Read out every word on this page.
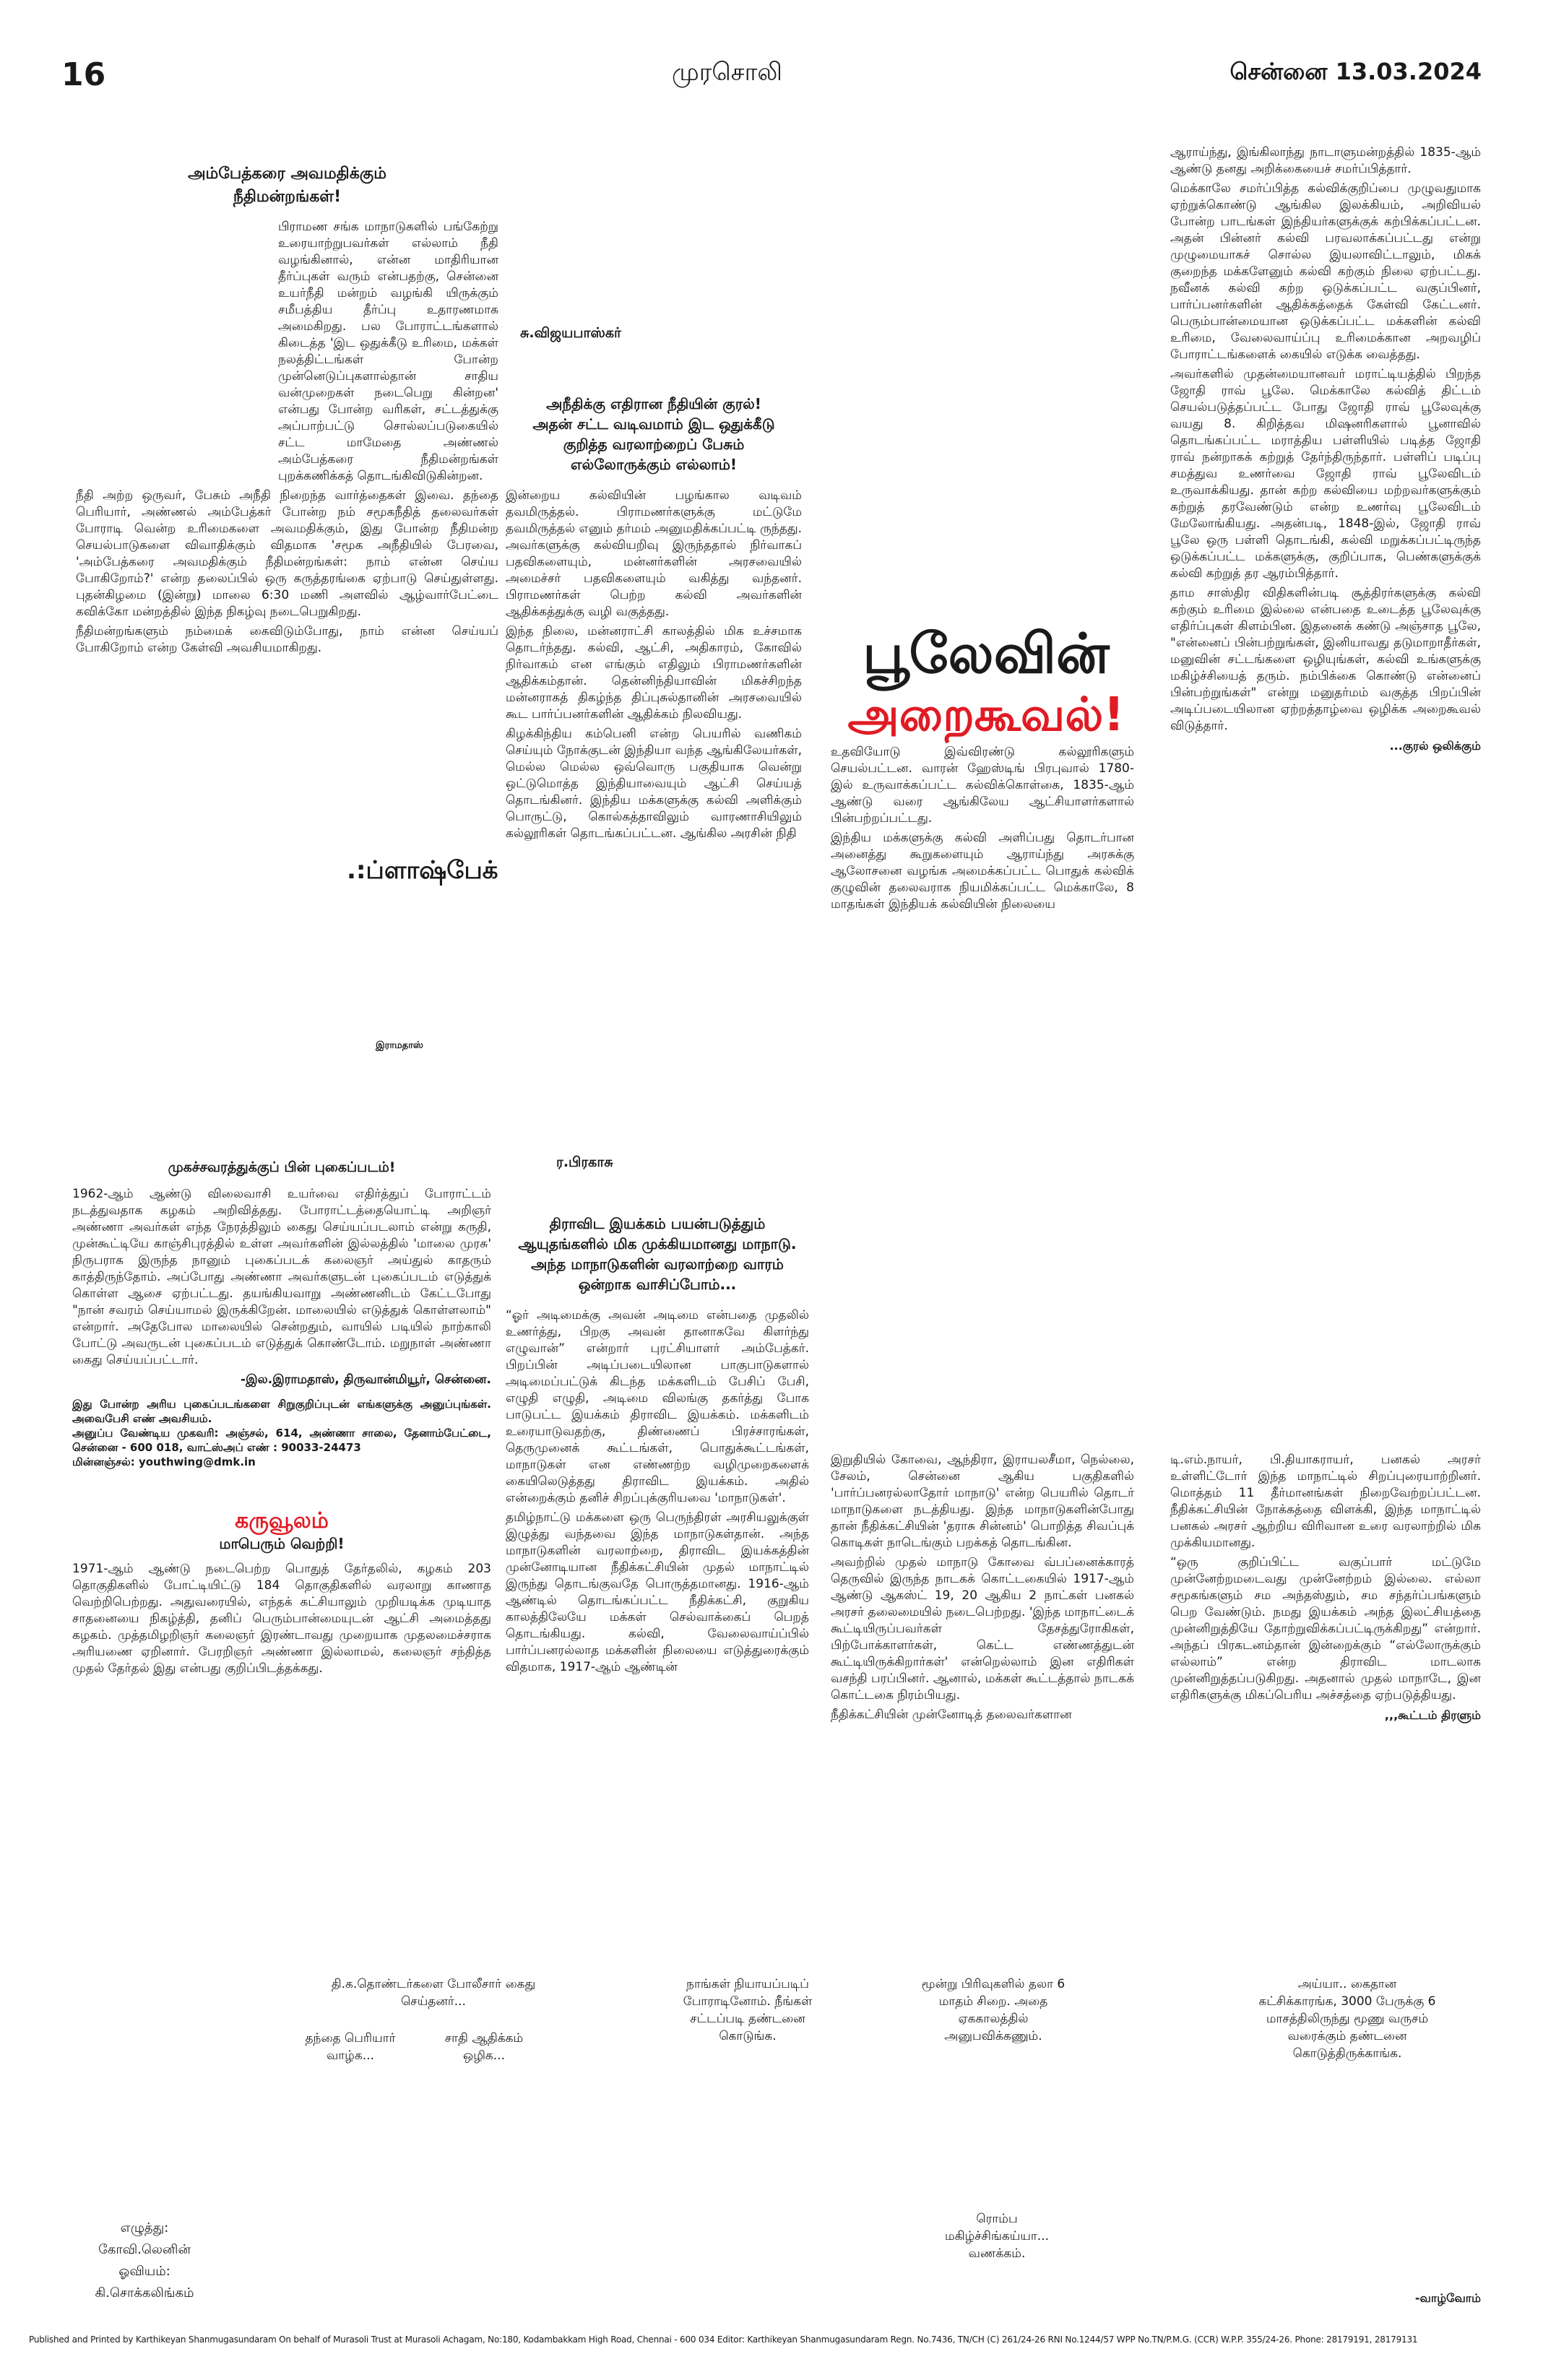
16	முரசொலி	சென்னை 13.03.2024
அம்பேத்கரை அவமதிக்கும்
நீதிமன்றங்கள்!

பிராமண சங்க மாநாடுகளில் பங்கேற்று உரையாற்றுபவர்கள் எல்லாம் நீதி வழங்கினால், என்ன மாதிரியான தீர்ப்புகள் வரும் என்பதற்கு, சென்னை உயர்நீதி மன்றம் வழங்கி யிருக்கும் சமீபத்திய தீர்ப்பு உதாரணமாக அமைகிறது. பல போராட்டங்களால் கிடைத்த 'இட ஒதுக்கீடு உரிமை, மக்கள் நலத்திட்டங்கள் போன்ற முன்னெடுப்புகளால்தான் சாதிய வன்முறைகள் நடைபெறு கின்றன' என்பது போன்ற வரிகள், சட்டத்துக்கு அப்பாற்பட்டு சொல்லப்படுகையில் சட்ட மாமேதை அண்ணல் அம்பேத்கரை நீதிமன்றங்கள் புறக்கணிக்கத் தொடங்கிவிடுகின்றன.

நீதி அற்ற ஒருவர், பேசும் அநீதி நிறைந்த வார்த்தைகள் இவை. தந்தை பெரியார், அண்ணல் அம்பேத்கர் போன்ற நம் சமூகநீதித் தலைவர்கள் போராடி வென்ற உரிமைகளை அவமதிக்கும், இது போன்ற நீதிமன்ற செயல்பாடுகளை விவாதிக்கும் விதமாக 'சமூக அநீதியில் பேரவை, 'அம்பேத்கரை அவமதிக்கும் நீதிமன்றங்கள்: நாம் என்ன செய்ய போகிறோம்?' என்ற தலைப்பில் ஒரு கருத்தரங்கை ஏற்பாடு செய்துள்ளது. புதன்கிழமை (இன்று) மாலை 6:30 மணி அளவில் ஆழ்வார்பேட்டை கவிக்கோ மன்றத்தில் இந்த நிகழ்வு நடைபெறுகிறது.

நீதிமன்றங்களும் நம்மைக் கைவிடும்போது, நாம் என்ன செய்யப் போகிறோம் என்ற கேள்வி அவசியமாகிறது.

.:ப்ளாஷ்பேக்
இராமதாஸ்
சு.விஜயபாஸ்கர்
அநீதிக்கு எதிரான நீதியின் குரல்!
அதன் சட்ட வடிவமாம் இட ஒதுக்கீடு
குறித்த வரலாற்றைப் பேசும்
எல்லோருக்கும் எல்லாம்!

இன்றைய கல்வியின் பழங்கால வடிவம் தவமிருத்தல். பிராமணர்களுக்கு மட்டுமே தவமிருத்தல் எனும் தர்மம் அனுமதிக்கப்பட்டி ருந்தது. அவர்களுக்கு கல்வியறிவு இருந்ததால் நிர்வாகப் பதவிகளையும், மன்னர்களின் அரசவையில் அமைச்சர் பதவிகளையும் வகித்து வந்தனர். பிராமணர்கள் பெற்ற கல்வி அவர்களின் ஆதிக்கத்துக்கு வழி வகுத்தது.

இந்த நிலை, மன்னராட்சி காலத்தில் மிக உச்சமாக தொடர்ந்தது. கல்வி, ஆட்சி, அதிகாரம், கோவில் நிர்வாகம் என எங்கும் எதிலும் பிராமணர்களின் ஆதிக்கம்தான். தென்னிந்தியாவின் மிகச்சிறந்த மன்னராகத் திகழ்ந்த திப்புசுல்தானின் அரசவையில் கூட பார்ப்பனர்களின் ஆதிக்கம் நிலவியது.

கிழக்கிந்திய கம்பெனி என்ற பெயரில் வணிகம் செய்யும் நோக்குடன் இந்தியா வந்த ஆங்கிலேயர்கள், மெல்ல மெல்ல ஒவ்வொரு பகுதியாக வென்று ஒட்டுமொத்த இந்தியாவையும் ஆட்சி செய்யத் தொடங்கினர். இந்திய மக்களுக்கு கல்வி அளிக்கும் பொருட்டு, கொல்கத்தாவிலும் வாரணாசியிலும் கல்லூரிகள் தொடங்கப்பட்டன. ஆங்கில அரசின் நிதி

பூலேவின்
அறைகூவல்!

உதவியோடு இவ்விரண்டு கல்லூரிகளும் செயல்பட்டன. வாரன் ஹேஸ்டிங் பிரபுவால் 1780-இல் உருவாக்கப்பட்ட கல்விக்கொள்கை, 1835-ஆம் ஆண்டு வரை ஆங்கிலேய ஆட்சியாளர்களால் பின்பற்றப்பட்டது.

இந்திய மக்களுக்கு கல்வி அளிப்பது தொடர்பான அனைத்து கூறுகளையும் ஆராய்ந்து அரசுக்கு ஆலோசனை வழங்க அமைக்கப்பட்ட பொதுக் கல்விக் குழுவின் தலைவராக நியமிக்கப்பட்ட மெக்காலே, 8 மாதங்கள் இந்தியக் கல்வியின் நிலையை

ஆராய்ந்து, இங்கிலாந்து நாடாளுமன்றத்தில் 1835-ஆம் ஆண்டு தனது அறிக்கையைச் சமர்ப்பித்தார்.

மெக்காலே சமர்ப்பித்த கல்விக்குறிப்பை முழுவதுமாக ஏற்றுக்கொண்டு ஆங்கில இலக்கியம், அறிவியல் போன்ற பாடங்கள் இந்தியர்களுக்குக் கற்பிக்கப்பட்டன. அதன் பின்னர் கல்வி பரவலாக்கப்பட்டது என்று முழுமையாகச் சொல்ல இயலாவிட்டாலும், மிகக் குறைந்த மக்களேனும் கல்வி கற்கும் நிலை ஏற்பட்டது. நவீனக் கல்வி கற்ற ஒடுக்கப்பட்ட வகுப்பினர், பார்ப்பனர்களின் ஆதிக்கத்தைக் கேள்வி கேட்டனர். பெரும்பான்மையான ஒடுக்கப்பட்ட மக்களின் கல்வி உரிமை, வேலைவாய்ப்பு உரிமைக்கான அறவழிப் போராட்டங்களைக் கையில் எடுக்க வைத்தது.

அவர்களில் முதன்மையானவர் மராட்டியத்தில் பிறந்த ஜோதி ராவ் பூலே. மெக்காலே கல்வித் திட்டம் செயல்படுத்தப்பட்ட போது ஜோதி ராவ் பூலேவுக்கு வயது 8. கிறித்தவ மிஷனரிகளால் பூனாவில் தொடங்கப்பட்ட மராத்திய பள்ளியில் படித்த ஜோதி ராவ் நன்றாகக் கற்றுத் தேர்ந்திருந்தார். பள்ளிப் படிப்பு சமத்துவ உணர்வை ஜோதி ராவ் பூலேவிடம் உருவாக்கியது. தான் கற்ற கல்வியை மற்றவர்களுக்கும் கற்றுத் தரவேண்டும் என்ற உணர்வு பூலேவிடம் மேலோங்கியது. அதன்படி, 1848-இல், ஜோதி ராவ் பூலே ஒரு பள்ளி தொடங்கி, கல்வி மறுக்கப்பட்டிருந்த ஒடுக்கப்பட்ட மக்களுக்கு, குறிப்பாக, பெண்களுக்குக் கல்வி கற்றுத் தர ஆரம்பித்தார்.

தாம சாஸ்திர விதிகளின்படி சூத்திரர்களுக்கு கல்வி கற்கும் உரிமை இல்லை என்பதை உடைத்த பூலேவுக்கு எதிர்ப்புகள் கிளம்பின. இதனைக் கண்டு அஞ்சாத பூலே, "என்னைப் பின்பற்றுங்கள், இனியாவது தடுமாறாதீர்கள், மனுவின் சட்டங்களை ஒழியுங்கள், கல்வி உங்களுக்கு மகிழ்ச்சியைத் தரும். நம்பிக்கை கொண்டு என்னைப் பின்பற்றுங்கள்" என்று மனுதர்மம் வகுத்த பிறப்பின் அடிப்படையிலான ஏற்றத்தாழ்வை ஒழிக்க அறைகூவல் விடுத்தார்.

...குரல் ஒலிக்கும்
முகச்சவரத்துக்குப் பின் புகைப்படம்!

1962-ஆம் ஆண்டு விலைவாசி உயர்வை எதிர்த்துப் போராட்டம் நடத்துவதாக கழகம் அறிவித்தது. போராட்டத்தையொட்டி அறிஞர் அண்ணா அவர்கள் எந்த நேரத்திலும் கைது செய்யப்படலாம் என்று கருதி, முன்கூட்டியே காஞ்சிபுரத்தில் உள்ள அவர்களின் இல்லத்தில் 'மாலை முரசு' நிருபராக இருந்த நானும் புகைப்படக் கலைஞர் அய்துல் காதரும் காத்திருந்தோம். அப்போது அண்ணா அவர்களுடன் புகைப்படம் எடுத்துக் கொள்ள ஆசை ஏற்பட்டது. தயங்கியவாறு அண்ணனிடம் கேட்டபோது "நான் சவரம் செய்யாமல் இருக்கிறேன். மாலையில் எடுத்துக் கொள்ளலாம்" என்றார். அதேபோல மாலையில் சென்றதும், வாயில் படியில் நாற்காலி போட்டு அவருடன் புகைப்படம் எடுத்துக் கொண்டோம். மறுநாள் அண்ணா கைது செய்யப்பட்டார்.

-இல.இராமதாஸ், திருவான்மியூர், சென்னை.

இது போன்ற அரிய புகைப்படங்களை சிறுகுறிப்புடன் எங்களுக்கு அனுப்புங்கள். அவைபேசி எண் அவசியம்.
அனுப்ப வேண்டிய முகவரி: அஞ்சல், 614, அண்ணா சாலை, தேனாம்பேட்டை, சென்னை - 600 018, வாட்ஸ்அப் எண் : 90033-24473
மின்னஞ்சல்: youthwing@dmk.in
கருவூலம்
மாபெரும் வெற்றி!

1971-ஆம் ஆண்டு நடைபெற்ற பொதுத் தேர்தலில், கழகம் 203 தொகுதிகளில் போட்டியிட்டு 184 தொகுதிகளில் வரலாறு காணாத வெற்றிபெற்றது. அதுவரையில், எந்தக் கட்சியாலும் முறியடிக்க முடியாத சாதனையை நிகழ்த்தி, தனிப் பெரும்பான்மையுடன் ஆட்சி அமைத்தது கழகம். முத்தமிழறிஞர் கலைஞர் இரண்டாவது முறையாக முதலமைச்சராக அரியணை ஏறினார். பேரறிஞர் அண்ணா இல்லாமல், கலைஞர் சந்தித்த முதல் தேர்தல் இது என்பது குறிப்பிடத்தக்கது.

ர.பிரகாசு
திராவிட இயக்கம் பயன்படுத்தும்
ஆயுதங்களில் மிக முக்கியமானது மாநாடு.
அந்த மாநாடுகளின் வரலாற்றை வாரம்
ஒன்றாக வாசிப்போம்...

“ஓர் அடிமைக்கு அவன் அடிமை என்பதை முதலில் உணர்த்து, பிறகு அவன் தானாகவே கிளர்ந்து எழுவான்” என்றார் புரட்சியாளர் அம்பேத்கர். பிறப்பின் அடிப்படையிலான பாகுபாடுகளால் அடிமைப்பட்டுக் கிடந்த மக்களிடம் பேசிப் பேசி, எழுதி எழுதி, அடிமை விலங்கு தகர்த்து போக பாடுபட்ட இயக்கம் திராவிட இயக்கம். மக்களிடம் உரையாடுவதற்கு, திண்ணைப் பிரச்சாரங்கள், தெருமுனைக் கூட்டங்கள், பொதுக்கூட்டங்கள், மாநாடுகள் என எண்ணற்ற வழிமுறைகளைக் கையிலெடுத்தது திராவிட இயக்கம். அதில் என்றைக்கும் தனிச் சிறப்புக்குரியவை 'மாநாடுகள்'.

தமிழ்நாட்டு மக்களை ஒரு பெருந்திரள் அரசியலுக்குள் இழுத்து வந்தவை இந்த மாநாடுகள்தான். அந்த மாநாடுகளின் வரலாற்றை, திராவிட இயக்கத்தின் முன்னோடியான நீதிக்கட்சியின் முதல் மாநாட்டில் இருந்து தொடங்குவதே பொருத்தமானது. 1916-ஆம் ஆண்டில் தொடங்கப்பட்ட நீதிக்கட்சி, குறுகிய காலத்திலேயே மக்கள் செல்வாக்கைப் பெறத் தொடங்கியது. கல்வி, வேலைவாய்ப்பில் பார்ப்பனரல்லாத மக்களின் நிலையை எடுத்துரைக்கும் விதமாக, 1917-ஆம் ஆண்டின்

இறுதியில் கோவை, ஆந்திரா, இராயலசீமா, நெல்லை, சேலம், சென்னை ஆகிய பகுதிகளில் 'பார்ப்பனரல்லாதோர் மாநாடு' என்ற பெயரில் தொடர் மாநாடுகளை நடத்தியது. இந்த மாநாடுகளின்போது தான் நீதிக்கட்சியின் 'தராசு சின்னம்' பொறித்த சிவப்புக் கொடிகள் நாடெங்கும் பறக்கத் தொடங்கின.

அவற்றில் முதல் மாநாடு கோவை வ்பப்னைக்காரத் தெருவில் இருந்த நாடகக் கொட்டகையில் 1917-ஆம் ஆண்டு ஆகஸ்ட் 19, 20 ஆகிய 2 நாட்கள் பனகல் அரசர் தலைமையில் நடைபெற்றது. 'இந்த மாநாட்டைக் கூட்டியிருப்பவர்கள் தேசத்துரோகிகள், பிற்போக்காளர்கள், கெட்ட எண்ணத்துடன் கூட்டியிருக்கிறார்கள்' என்றெல்லாம் இன எதிரிகள் வசந்தி பரப்பினர். ஆனால், மக்கள் கூட்டத்தால் நாடகக் கொட்டகை நிரம்பியது.

நீதிக்கட்சியின் முன்னோடித் தலைவர்களான

டி.எம்.நாயர், பி.தியாகராயர், பனகல் அரசர் உள்ளிட்டோர் இந்த மாநாட்டில் சிறப்புரையாற்றினர். மொத்தம் 11 தீர்மானங்கள் நிறைவேற்றப்பட்டன. நீதிக்கட்சியின் நோக்கத்தை விளக்கி, இந்த மாநாட்டில் பனகல் அரசர் ஆற்றிய விரிவான உரை வரலாற்றில் மிக முக்கியமானது.

“ஒரு குறிப்பிட்ட வகுப்பார் மட்டுமே முன்னேற்றமடைவது முன்னேற்றம் இல்லை. எல்லா சமூகங்களும் சம அந்தஸ்தும், சம சந்தர்ப்பங்களும் பெற வேண்டும். நமது இயக்கம் அந்த இலட்சியத்தை முன்னிறுத்தியே தோற்றுவிக்கப்பட்டிருக்கிறது” என்றார். அந்தப் பிரகடனம்தான் இன்றைக்கும் “எல்லோருக்கும் எல்லாம்” என்ற திராவிட மாடலாக முன்னிறுத்தப்படுகிறது. அதனால் முதல் மாநாடே, இன எதிரிகளுக்கு மிகப்பெரிய அச்சத்தை ஏற்படுத்தியது.

,,,கூட்டம் திரளும்
தி.க.தொண்டர்களை போலீசார் கைது செய்தனர்...
தந்தை பெரியார் வாழ்க...
சாதி ஆதிக்கம் ஒழிக...
நாங்கள் நியாயப்படிப் போராடினோம். நீங்கள் சட்டப்படி தண்டனை கொடுங்க.
மூன்று பிரிவுகளில் தலா 6 மாதம் சிறை. அதை ஏககாலத்தில் அனுபவிக்கணும்.
அய்யா.. கைதான கட்சிக்காரங்க, 3000 பேருக்கு 6 மாசத்திலிருந்து மூணு வருசம் வரைக்கும் தண்டனை கொடுத்திருக்காங்க.
ரொம்ப மகிழ்ச்சிங்கய்யா... வணக்கம்.
எழுத்து:
கோவி.லெனின்
ஓவியம்:
கி.சொக்கலிங்கம்	-வாழ்வோம்
Published and Printed by Karthikeyan Shanmugasundaram On behalf of Murasoli Trust at Murasoli Achagam, No:180, Kodambakkam High Road, Chennai - 600 034 Editor: Karthikeyan Shanmugasundaram Regn. No.7436, TN/CH (C) 261/24-26 RNI No.1244/57 WPP No.TN/P.M.G. (CCR) W.P.P. 355/24-26. Phone: 28179191, 28179131
